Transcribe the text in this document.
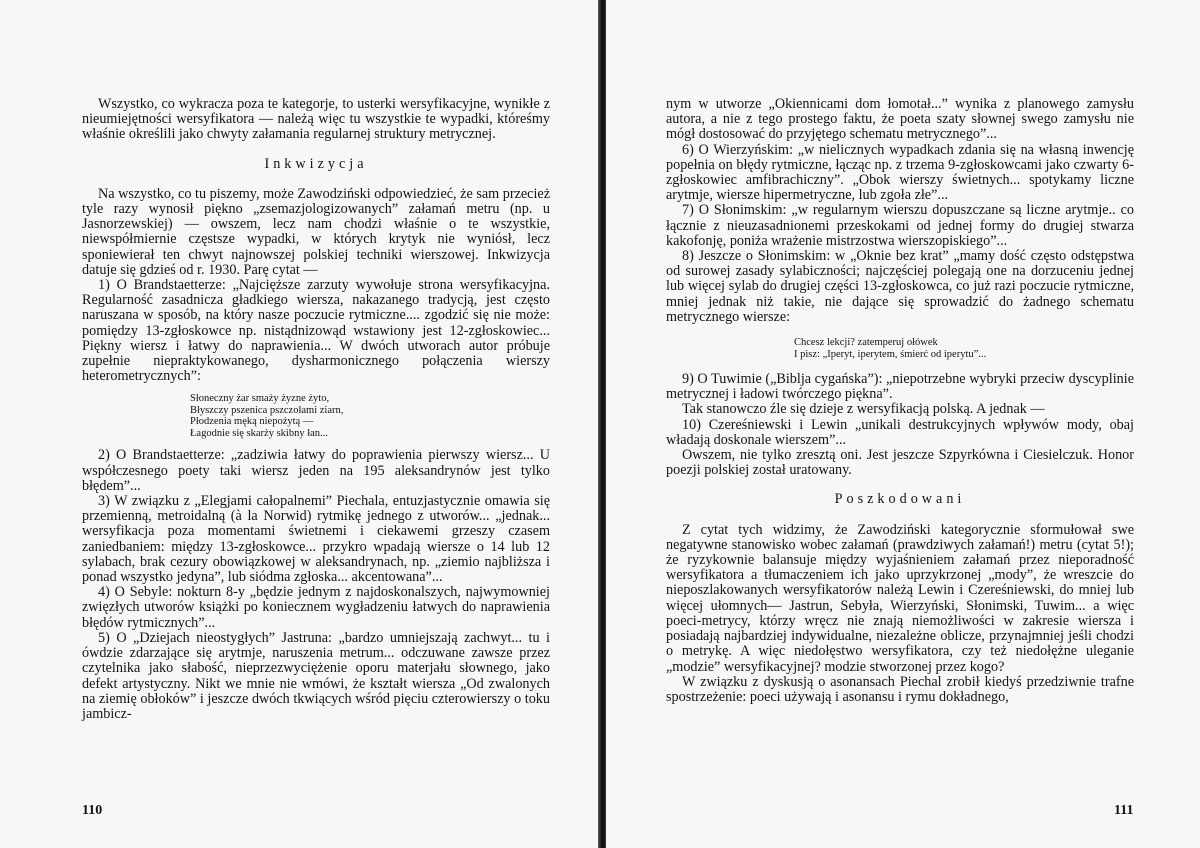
Wszystko, co wykracza poza te kategorje, to usterki wersyfikacyjne, wynikłe z nieumiejętności wersyfikatora — należą więc tu wszystkie te wypadki, któreśmy właśnie określili jako chwyty załamania regularnej struktury metrycznej.

Inkwizycja

Na wszystko, co tu piszemy, może Zawodziński odpowiedzieć, że sam przecież tyle razy wynosił piękno „zsemazjologizowanych” załamań metru (np. u Jasnorzewskiej) — owszem, lecz nam chodzi właśnie o te wszystkie, niewspółmiernie częstsze wypadki, w których krytyk nie wyniósł, lecz sponiewierał ten chwyt najnowszej polskiej techniki wierszowej. Inkwizycja datuje się gdzieś od r. 1930. Parę cytat —

1) O Brandstaetterze: „Najcięższe zarzuty wywołuje strona wersyfikacyjna. Regularność zasadnicza gładkiego wiersza, nakazanego tradycją, jest często naruszana w sposób, na który nasze poczucie rytmiczne.... zgodzić się nie może: pomiędzy 13-zgłoskowce np. nistądnizowąd wstawiony jest 12-zgłoskowiec... Piękny wiersz i łatwy do naprawienia... W dwóch utworach autor próbuje zupełnie niepraktykowanego, dysharmonicznego połączenia wierszy heterometrycznych”:

Słoneczny żar smaży żyzne żyto,
Błyszczy pszenica pszczołami ziarn,
Płodzenia męką niepożytą —
Łagodnie się skarży skibny łan...

2) O Brandstaetterze: „zadziwia łatwy do poprawienia pierwszy wiersz... U współczesnego poety taki wiersz jeden na 195 aleksandrynów jest tylko błędem”...

3) W związku z „Elegjami całopalnemi” Piechala, entuzjastycznie omawia się przemienną, metroidalną (à la Norwid) rytmikę jednego z utworów... „jednak... wersyfikacja poza momentami świetnemi i ciekawemi grzeszy czasem zaniedbaniem: między 13-zgłoskowce... przykro wpadają wiersze o 14 lub 12 sylabach, brak cezury obowiązkowej w aleksandrynach, np. „ziemio najbliższa i ponad wszystko jedyna”, lub siódma zgłoska... akcentowana”...

4) O Sebyle: nokturn 8-y „będzie jednym z najdoskonalszych, najwymowniej zwięzłych utworów książki po koniecznem wygładzeniu łatwych do naprawienia błędów rytmicznych”...

5) O „Dziejach nieostygłych” Jastruna: „bardzo umniejszają zachwyt... tu i ówdzie zdarzające się arytmje, naruszenia metrum... odczuwane zawsze przez czytelnika jako słabość, nieprzezwyciężenie oporu materjału słownego, jako defekt artystyczny. Nikt we mnie nie wmówi, że kształt wiersza „Od zwalonych na ziemię obłoków” i jeszcze dwóch tkwiących wśród pięciu czterowierszy o toku jambicz-

110

nym w utworze „Okiennicami dom łomotał...” wynika z planowego zamysłu autora, a nie z tego prostego faktu, że poeta szaty słownej swego zamysłu nie mógł dostosować do przyjętego schematu metrycznego”...

6) O Wierzyńskim: „w nielicznych wypadkach zdania się na własną inwencję popełnia on błędy rytmiczne, łącząc np. z trzema 9-zgłoskowcami jako czwarty 6-zgłoskowiec amfibrachiczny”. „Obok wierszy świetnych... spotykamy liczne arytmje, wiersze hipermetryczne, lub zgoła złe”...

7) O Słonimskim: „w regularnym wierszu dopuszczane są liczne arytmje.. co łącznie z nieuzasadnionemi przeskokami od jednej formy do drugiej stwarza kakofonję, poniża wrażenie mistrzostwa wierszopiskiego”...

8) Jeszcze o Słonimskim: w „Oknie bez krat” „mamy dość często odstępstwa od surowej zasady sylabiczności; najczęściej polegają one na dorzuceniu jednej lub więcej sylab do drugiej części 13-zgłoskowca, co już razi poczucie rytmiczne, mniej jednak niż takie, nie dające się sprowadzić do żadnego schematu metrycznego wiersze:

Chcesz lekcji? zatemperuj ołówek
I pisz: „Iperyt, iperytem, śmierć od iperytu”...

9) O Tuwimie („Biblja cygańska”): „niepotrzebne wybryki przeciw dyscyplinie metrycznej i ładowi twórczego piękna”.

Tak stanowczo źle się dzieje z wersyfikacją polską. A jednak —

10) Czereśniewski i Lewin „unikali destrukcyjnych wpływów mody, obaj władają doskonale wierszem”...

Owszem, nie tylko zresztą oni. Jest jeszcze Szpyrkówna i Ciesielczuk. Honor poezji polskiej został uratowany.

Poszkodowani

Z cytat tych widzimy, że Zawodziński kategorycznie sformułował swe negatywne stanowisko wobec załamań (prawdziwych załamań!) metru (cytat 5!); że ryzykownie balansuje między wyjaśnieniem załamań przez nieporadność wersyfikatora a tłumaczeniem ich jako uprzykrzonej „mody”, że wreszcie do nieposzlakowanych wersyfikatorów należą Lewin i Czereśniewski, do mniej lub więcej ułomnych— Jastrun, Sebyła, Wierzyński, Słonimski, Tuwim... a więc poeci-metrycy, którzy wręcz nie znają niemożliwości w zakresie wiersza i posiadają najbardziej indywidualne, niezależne oblicze, przynajmniej jeśli chodzi o metrykę. A więc niedołęstwo wersyfikatora, czy też niedołężne uleganie „modzie” wersyfikacyjnej? modzie stworzonej przez kogo?

W związku z dyskusją o asonansach Piechal zrobił kiedyś przedziwnie trafne spostrzeżenie: poeci używają i asonansu i rymu dokładnego,

111
